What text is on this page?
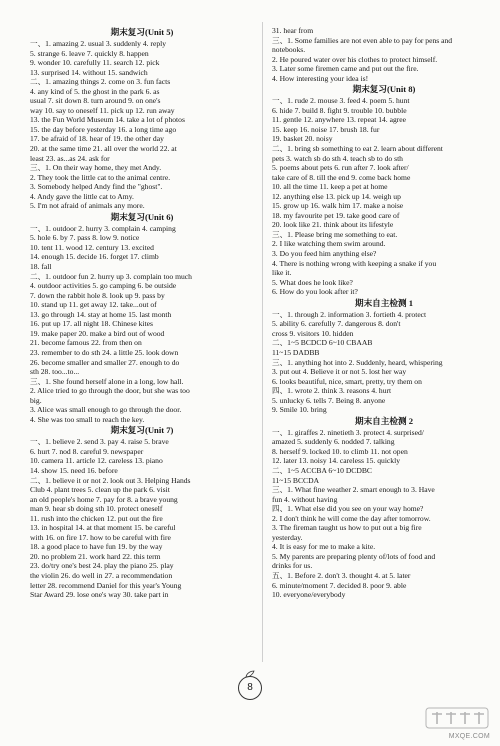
期末复习(Unit 5)
一、1. amazing 2. usual 3. suddenly 4. reply
5. strange 6. leave 7. quickly 8. happen
9. wonder 10. carefully 11. search 12. pick
13. surprised 14. without 15. sandwich
二、1. amazing things 2. come on 3. fun facts
4. any kind of 5. the ghost in the park 6. as
usual 7. sit down 8. turn around 9. on one's
way 10. say to oneself 11. pick up 12. run away
13. the Fun World Museum 14. take a lot of photos
15. the day before yesterday 16. a long time ago
17. be afraid of 18. hear of 19. the other day
20. at the same time 21. all over the world 22. at
least 23. as...as 24. ask for
三、1. On their way home, they met Andy.
2. They took the little cat to the animal centre.
3. Somebody helped Andy find the "ghost".
4. Andy gave the little cat to Amy.
5. I'm not afraid of animals any more.
期末复习(Unit 6)
一、1. outdoor 2. hurry 3. complain 4. camping
5. hole 6. by 7. pass 8. low 9. notice
10. tent 11. wood 12. century 13. excited
14. enough 15. decide 16. forget 17. climb
18. fall
二、1. outdoor fun 2. hurry up 3. complain too much
4. outdoor activities 5. go camping 6. be outside
7. down the rabbit hole 8. look up 9. pass by
10. stand up 11. get away 12. take...out of
13. go through 14. stay at home 15. last month
16. put up 17. all night 18. Chinese kites
19. make paper 20. make a bird out of wood
21. become famous 22. from then on
23. remember to do sth 24. a little 25. look down
26. become smaller and smaller 27. enough to do
sth 28. too...to...
三、1. She found herself alone in a long, low hall.
2. Alice tried to go through the door, but she was too
big.
3. Alice was small enough to go through the door.
4. She was too small to reach the key.
期末复习(Unit 7)
一、1. believe 2. send 3. pay 4. raise 5. brave
6. hurt 7. nod 8. careful 9. newspaper
10. camera 11. article 12. careless 13. piano
14. show 15. need 16. before
二、1. believe it or not 2. look out 3. Helping Hands
Club 4. plant trees 5. clean up the park 6. visit
an old people's home 7. pay for 8. a brave young
man 9. hear sb doing sth 10. protect oneself
11. rush into the chicken 12. put out the fire
13. in hospital 14. at that moment 15. be careful
with 16. on fire 17. how to be careful with fire
18. a good place to have fun 19. by the way
20. no problem 21. work hard 22. this term
23. do/try one's best 24. play the piano 25. play
the violin 26. do well in 27. a recommendation
letter 28. recommend Daniel for this year's Young
Star Award 29. lose one's way 30. take part in
31. hear from
三、1. Some families are not even able to pay for pens and
notebooks.
2. He poured water over his clothes to protect himself.
3. Later some firemen came and put out the fire.
4. How interesting your idea is!
期末复习(Unit 8)
一、1. rude 2. mouse 3. feed 4. poem 5. hunt
6. hide 7. build 8. fight 9. trouble 10. bubble
11. gentle 12. anywhere 13. repeat 14. agree
15. keep 16. noise 17. brush 18. fur
19. basket 20. noisy
二、1. bring sb something to eat 2. learn about different
pets 3. watch sb do sth 4. teach sb to do sth
5. poems about pets 6. run after 7. look after/
take care of 8. till the end 9. come back home
10. all the time 11. keep a pet at home
12. anything else 13. pick up 14. weigh up
15. grow up 16. walk him 17. make a noise
18. my favourite pet 19. take good care of
20. look like 21. think about its lifestyle
三、1. Please bring me something to eat.
2. I like watching them swim around.
3. Do you feed him anything else?
4. There is nothing wrong with keeping a snake if you
like it.
5. What does he look like?
6. How do you look after it?
期末自主检测 1
一、1. through 2. information 3. fortieth 4. protect
5. ability 6. carefully 7. dangerous 8. don't
cross 9. visitors 10. hidden
二、1~5 BCDCD 6~10 CBAAB
11~15 DADBB
三、1. anything hot into 2. Suddenly, heard, whispering
3. put out 4. Believe it or not 5. lost her way
6. looks beautiful, nice, smart, pretty, try them on
四、1. wrote 2. think 3. reasons 4. hurt
5. unlucky 6. tells 7. Being 8. anyone
9. Smile 10. bring
期末自主检测 2
一、1. giraffes 2. ninetieth 3. protect 4. surprised/
amazed 5. suddenly 6. nodded 7. talking
8. herself 9. locked 10. to climb 11. not open
12. later 13. noisy 14. careless 15. quickly
二、1~5 ACCBA 6~10 DCDBC
11~15 BCCDA
三、1. What fine weather 2. smart enough to 3. Have
fun 4. without having
四、1. What else did you see on your way home?
2. I don't think he will come the day after tomorrow.
3. The fireman taught us how to put out a big fire
yesterday.
4. It is easy for me to make a kite.
5. My parents are preparing plenty of/lots of food and
drinks for us.
五、1. Before 2. don't 3. thought 4. at 5. later
6. minute/moment 7. decided 8. poor 9. able
10. everyone/everybody
8
MXQE.COM
